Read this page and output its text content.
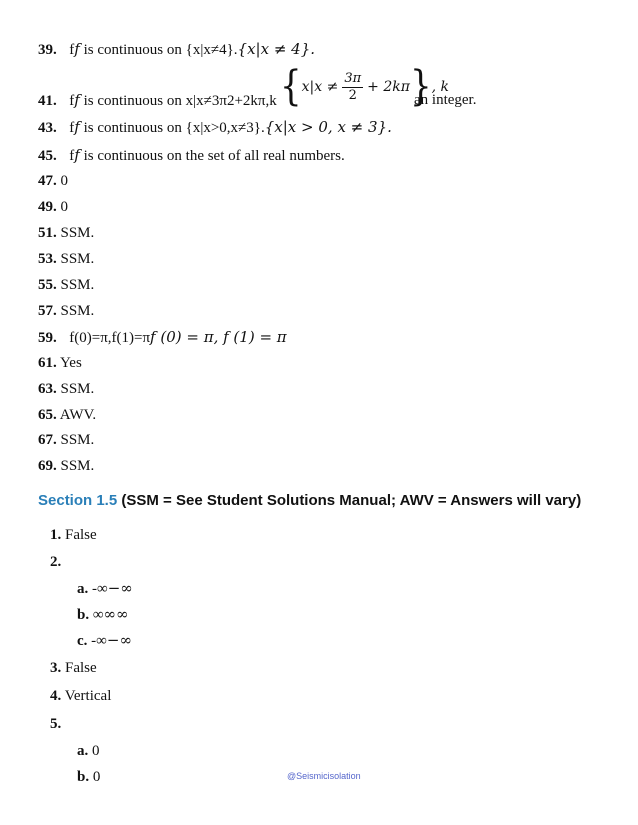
39. ff is continuous on {x|x≠4}.{x|x ≠ 4}.
41. ff is continuous on x|x≠3π2+2kπ,k { $x|x \ne \frac{3\pi}{2} + 2k\pi$ } , k
an integer.
43. ff is continuous on {x|x>0,x≠3}.{x|x > 0, x ≠ 3}.
45. ff is continuous on the set of all real numbers.
47. 0
49. 0
51. SSM.
53. SSM.
55. SSM.
57. SSM.
59. f(0)=π,f(1)=πf (0) = π, f (1) = π
61. Yes
63. SSM.
65. AWV.
67. SSM.
69. SSM.
Section 1.5 (SSM = See Student Solutions Manual; AWV = Answers will vary)
1. False
2.
a. -∞−∞
b. ∞∞∞
c. -∞−∞
3. False
4. Vertical
5.
a. 0
b. 0	@Seismicisolation
